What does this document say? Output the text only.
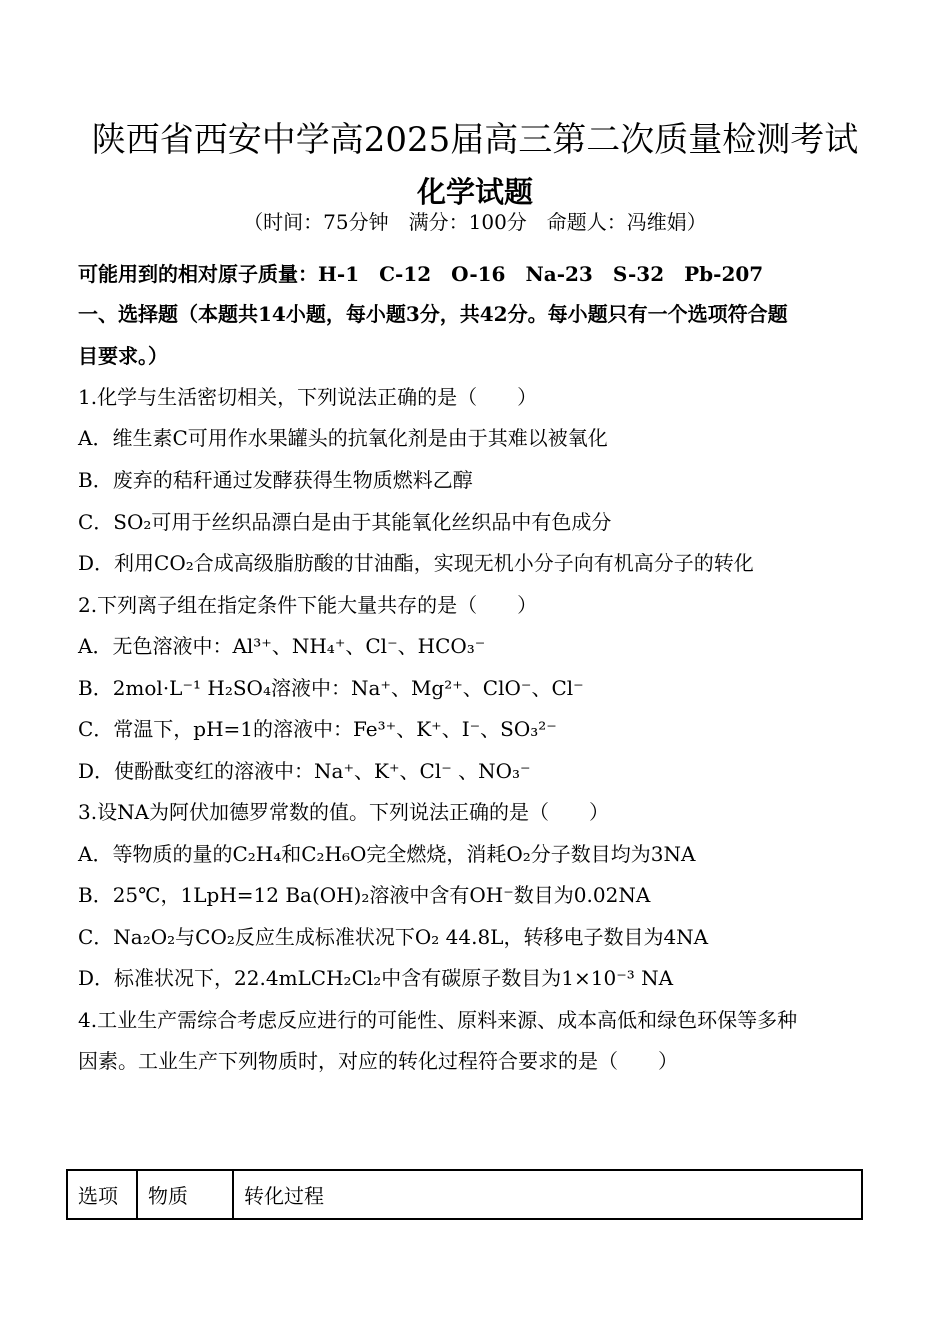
陕西省西安中学高2025届高三第二次质量检测考试
化学试题
（时间：75分钟　满分：100分　命题人：冯维娟）
可能用到的相对原子质量：H-1　C-12　O-16　Na-23　S-32　Pb-207
一、选择题（本题共14小题，每小题3分，共42分。每小题只有一个选项符合题
目要求。）
1.化学与生活密切相关，下列说法正确的是（　　）
A．维生素C可用作水果罐头的抗氧化剂是由于其难以被氧化
B．废弃的秸秆通过发酵获得生物质燃料乙醇
C．SO₂可用于丝织品漂白是由于其能氧化丝织品中有色成分
D．利用CO₂合成高级脂肪酸的甘油酯，实现无机小分子向有机高分子的转化
2.下列离子组在指定条件下能大量共存的是（　　）
A．无色溶液中：Al³⁺、NH₄⁺、Cl⁻、HCO₃⁻
B．2mol·L⁻¹ H₂SO₄溶液中：Na⁺、Mg²⁺、ClO⁻、Cl⁻
C．常温下，pH=1的溶液中：Fe³⁺、K⁺、I⁻、SO₃²⁻
D．使酚酞变红的溶液中：Na⁺、K⁺、Cl⁻ 、NO₃⁻
3.设NA为阿伏加德罗常数的值。下列说法正确的是（　　）
A．等物质的量的C₂H₄和C₂H₆O完全燃烧，消耗O₂分子数目均为3NA
B．25℃，1LpH=12 Ba(OH)₂溶液中含有OH⁻数目为0.02NA
C．Na₂O₂与CO₂反应生成标准状况下O₂ 44.8L，转移电子数目为4NA
D．标准状况下，22.4mLCH₂Cl₂中含有碳原子数目为1×10⁻³ NA
4.工业生产需综合考虑反应进行的可能性、原料来源、成本高低和绿色环保等多种
因素。工业生产下列物质时，对应的转化过程符合要求的是（　　）
选项	物质	转化过程
